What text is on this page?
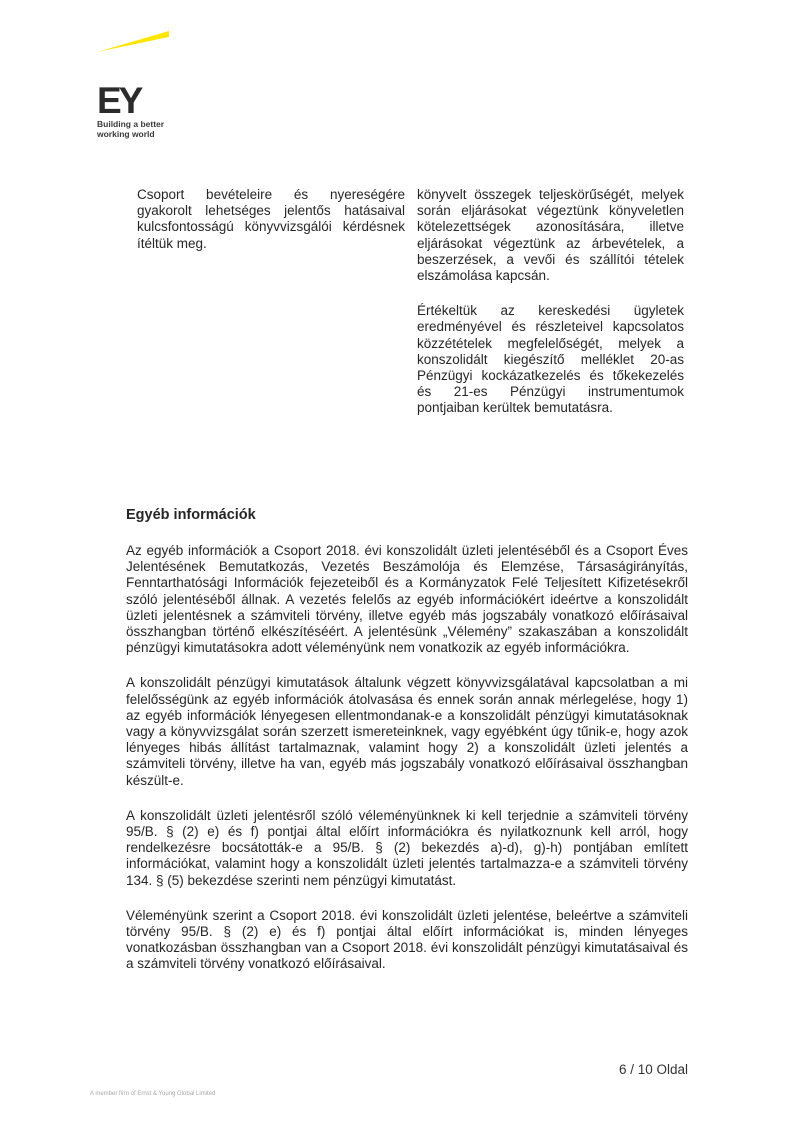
EY
Building a better
working world

Csoport bevételeire és nyereségére gyakorolt lehetséges jelentős hatásaival kulcsfontosságú könyvvizsgálói kérdésnek ítéltük meg.

könyvelt összegek teljeskörűségét, melyek során eljárásokat végeztünk könyveletlen kötelezettségek azonosítására, illetve eljárásokat végeztünk az árbevételek, a beszerzések, a vevői és szállítói tételek elszámolása kapcsán.

Értékeltük az kereskedési ügyletek eredményével és részleteivel kapcsolatos közzétételek megfelelőségét, melyek a konszolidált kiegészítő melléklet 20-as Pénzügyi kockázatkezelés és tőkekezelés és 21-es Pénzügyi instrumentumok pontjaiban kerültek bemutatásra.

Egyéb információk

Az egyéb információk a Csoport 2018. évi konszolidált üzleti jelentéséből és a Csoport Éves Jelentésének Bemutatkozás, Vezetés Beszámolója és Elemzése, Társaságirányítás, Fenntarthatósági Információk fejezeteiből és a Kormányzatok Felé Teljesített Kifizetésekről szóló jelentéséből állnak. A vezetés felelős az egyéb információkért ideértve a konszolidált üzleti jelentésnek a számviteli törvény, illetve egyéb más jogszabály vonatkozó előírásaival összhangban történő elkészítéséért. A jelentésünk „Vélemény” szakaszában a konszolidált pénzügyi kimutatásokra adott véleményünk nem vonatkozik az egyéb információkra.

A konszolidált pénzügyi kimutatások általunk végzett könyvvizsgálatával kapcsolatban a mi felelősségünk az egyéb információk átolvasása és ennek során annak mérlegelése, hogy 1) az egyéb információk lényegesen ellentmondanak-e a konszolidált pénzügyi kimutatásoknak vagy a könyvvizsgálat során szerzett ismereteinknek, vagy egyébként úgy tűnik-e, hogy azok lényeges hibás állítást tartalmaznak, valamint hogy 2) a konszolidált üzleti jelentés a számviteli törvény, illetve ha van, egyéb más jogszabály vonatkozó előírásaival összhangban készült-e.

A konszolidált üzleti jelentésről szóló véleményünknek ki kell terjednie a számviteli törvény 95/B. § (2) e) és f) pontjai által előírt információkra és nyilatkoznunk kell arról, hogy rendelkezésre bocsátották-e a 95/B. § (2) bekezdés a)-d), g)-h) pontjában említett információkat, valamint hogy a konszolidált üzleti jelentés tartalmazza-e a számviteli törvény 134. § (5) bekezdése szerinti nem pénzügyi kimutatást.

Véleményünk szerint a Csoport 2018. évi konszolidált üzleti jelentése, beleértve a számviteli törvény 95/B. § (2) e) és f) pontjai által előírt információkat is, minden lényeges vonatkozásban összhangban van a Csoport 2018. évi konszolidált pénzügyi kimutatásaival és a számviteli törvény vonatkozó előírásaival.

6 / 10 Oldal
A member firm of Ernst & Young Global Limited
